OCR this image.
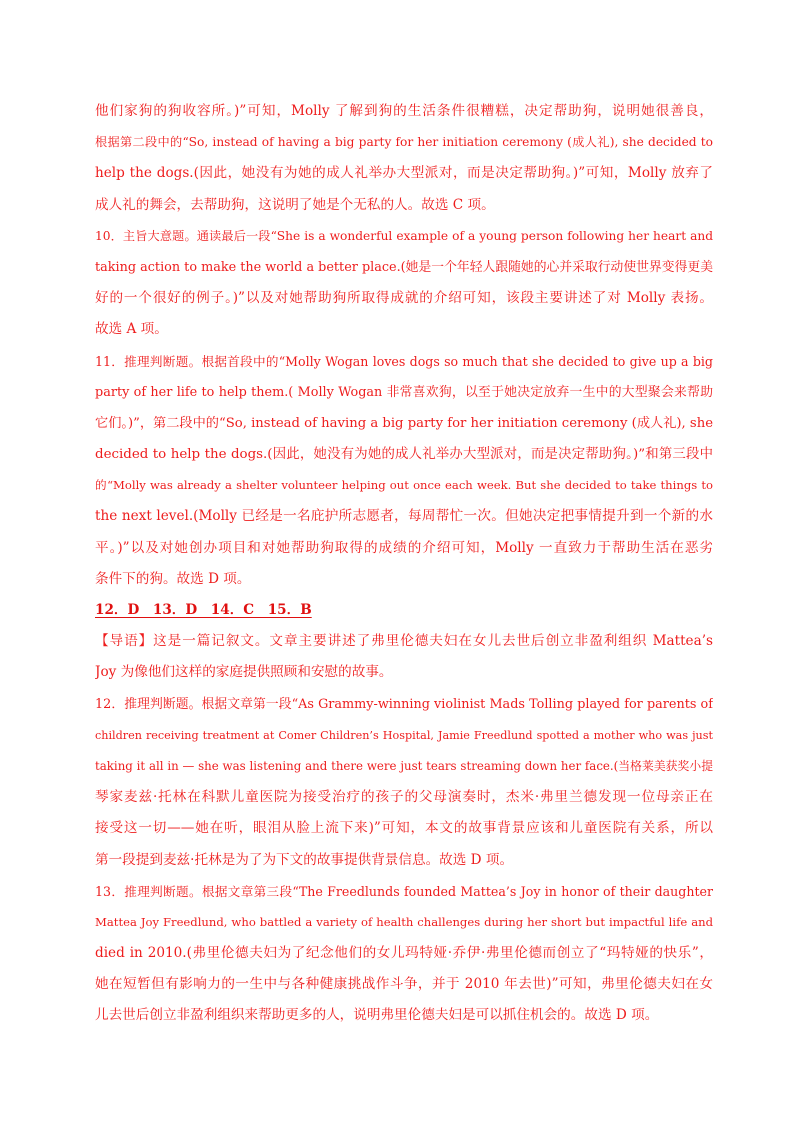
他们家狗的狗收容所。)”可知，Molly 了解到狗的生活条件很糟糕，决定帮助狗，说明她很善良，
根据第二段中的“So, instead of having a big party for her initiation ceremony (成人礼), she decided to
help the dogs.(因此，她没有为她的成人礼举办大型派对，而是决定帮助狗。)”可知，Molly 放弃了
成人礼的舞会，去帮助狗，这说明了她是个无私的人。故选 C 项。
10．主旨大意题。通读最后一段“She is a wonderful example of a young person following her heart and
taking action to make the world a better place.(她是一个年轻人跟随她的心并采取行动使世界变得更美
好的一个很好的例子。)”以及对她帮助狗所取得成就的介绍可知，该段主要讲述了对 Molly 表扬。
故选 A 项。
11．推理判断题。根据首段中的“Molly Wogan loves dogs so much that she decided to give up a big
party of her life to help them.( Molly Wogan 非常喜欢狗，以至于她决定放弃一生中的大型聚会来帮助
它们。)”，第二段中的“So, instead of having a big party for her initiation ceremony (成人礼), she
decided to help the dogs.(因此，她没有为她的成人礼举办大型派对，而是决定帮助狗。)”和第三段中
的“Molly was already a shelter volunteer helping out once each week. But she decided to take things to
the next level.(Molly 已经是一名庇护所志愿者，每周帮忙一次。但她决定把事情提升到一个新的水
平。)”以及对她创办项目和对她帮助狗取得的成绩的介绍可知，Molly 一直致力于帮助生活在恶劣
条件下的狗。故选 D 项。
12．D　13．D　14．C　15．B
【导语】这是一篇记叙文。文章主要讲述了弗里伦德夫妇在女儿去世后创立非盈利组织 Mattea’s
Joy 为像他们这样的家庭提供照顾和安慰的故事。
12．推理判断题。根据文章第一段“As Grammy-winning violinist Mads Tolling played for parents of
children receiving treatment at Comer Children’s Hospital, Jamie Freedlund spotted a mother who was just
taking it all in — she was listening and there were just tears streaming down her face.(当格莱美获奖小提
琴家麦兹·托林在科默儿童医院为接受治疗的孩子的父母演奏时，杰米·弗里兰德发现一位母亲正在
接受这一切——她在听，眼泪从脸上流下来)”可知，本文的故事背景应该和儿童医院有关系，所以
第一段提到麦兹·托林是为了为下文的故事提供背景信息。故选 D 项。
13．推理判断题。根据文章第三段“The Freedlunds founded Mattea’s Joy in honor of their daughter
Mattea Joy Freedlund, who battled a variety of health challenges during her short but impactful life and
died in 2010.(弗里伦德夫妇为了纪念他们的女儿玛特娅·乔伊·弗里伦德而创立了“玛特娅的快乐”，
她在短暂但有影响力的一生中与各种健康挑战作斗争，并于 2010 年去世)”可知，弗里伦德夫妇在女
儿去世后创立非盈利组织来帮助更多的人，说明弗里伦德夫妇是可以抓住机会的。故选 D 项。
